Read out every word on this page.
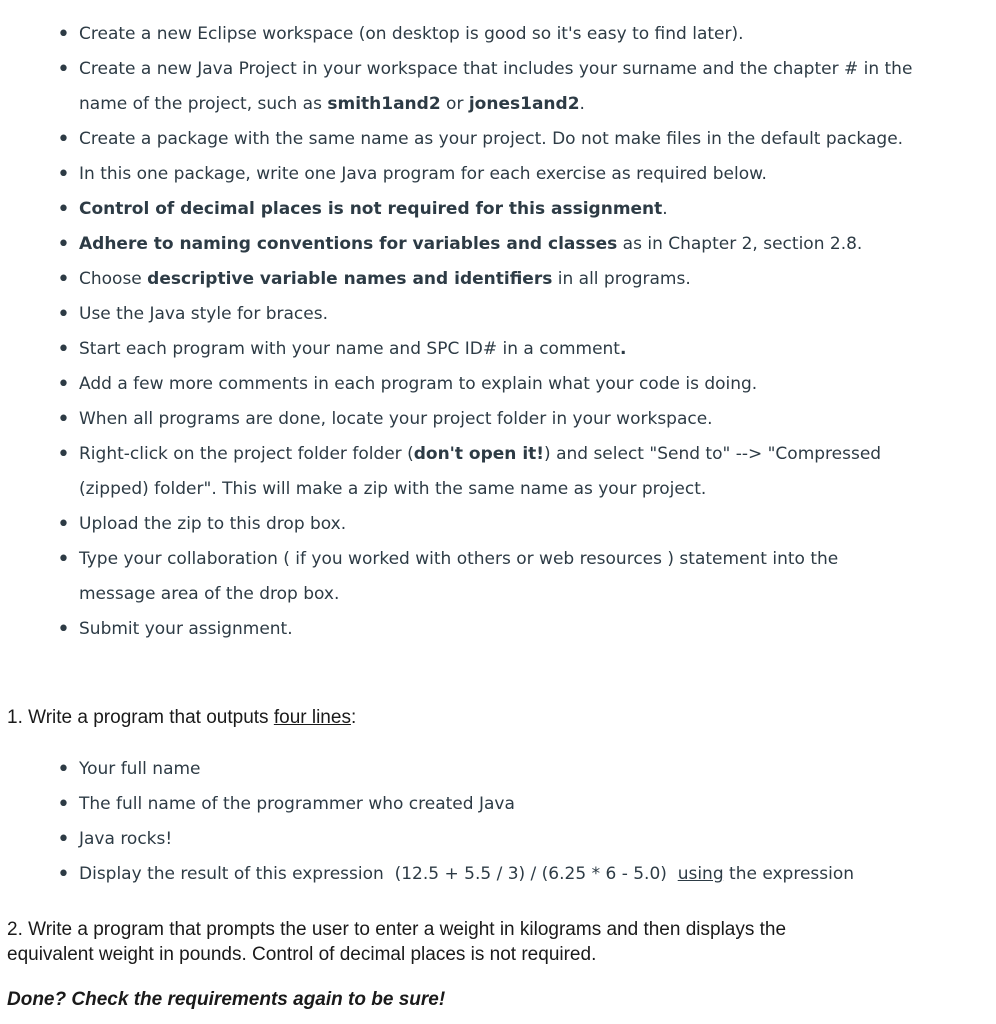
• Create a new Eclipse workspace (on desktop is good so it's easy to find later).
• Create a new Java Project in your workspace that includes your surname and the chapter # in the name of the project, such as smith1and2 or jones1and2.
• Create a package with the same name as your project. Do not make files in the default package.
• In this one package, write one Java program for each exercise as required below.
• Control of decimal places is not required for this assignment.
• Adhere to naming conventions for variables and classes as in Chapter 2, section 2.8.
• Choose descriptive variable names and identifiers in all programs.
• Use the Java style for braces.
• Start each program with your name and SPC ID# in a comment.
• Add a few more comments in each program to explain what your code is doing.
• When all programs are done, locate your project folder in your workspace.
• Right-click on the project folder folder (don't open it!) and select "Send to" --> "Compressed (zipped) folder". This will make a zip with the same name as your project.
• Upload the zip to this drop box.
• Type your collaboration ( if you worked with others or web resources ) statement into the message area of the drop box.
• Submit your assignment.

1. Write a program that outputs four lines:

• Your full name
• The full name of the programmer who created Java
• Java rocks!
• Display the result of this expression  (12.5 + 5.5 / 3) / (6.25 * 6 - 5.0)  using the expression

2. Write a program that prompts the user to enter a weight in kilograms and then displays the equivalent weight in pounds. Control of decimal places is not required.

Done? Check the requirements again to be sure!
